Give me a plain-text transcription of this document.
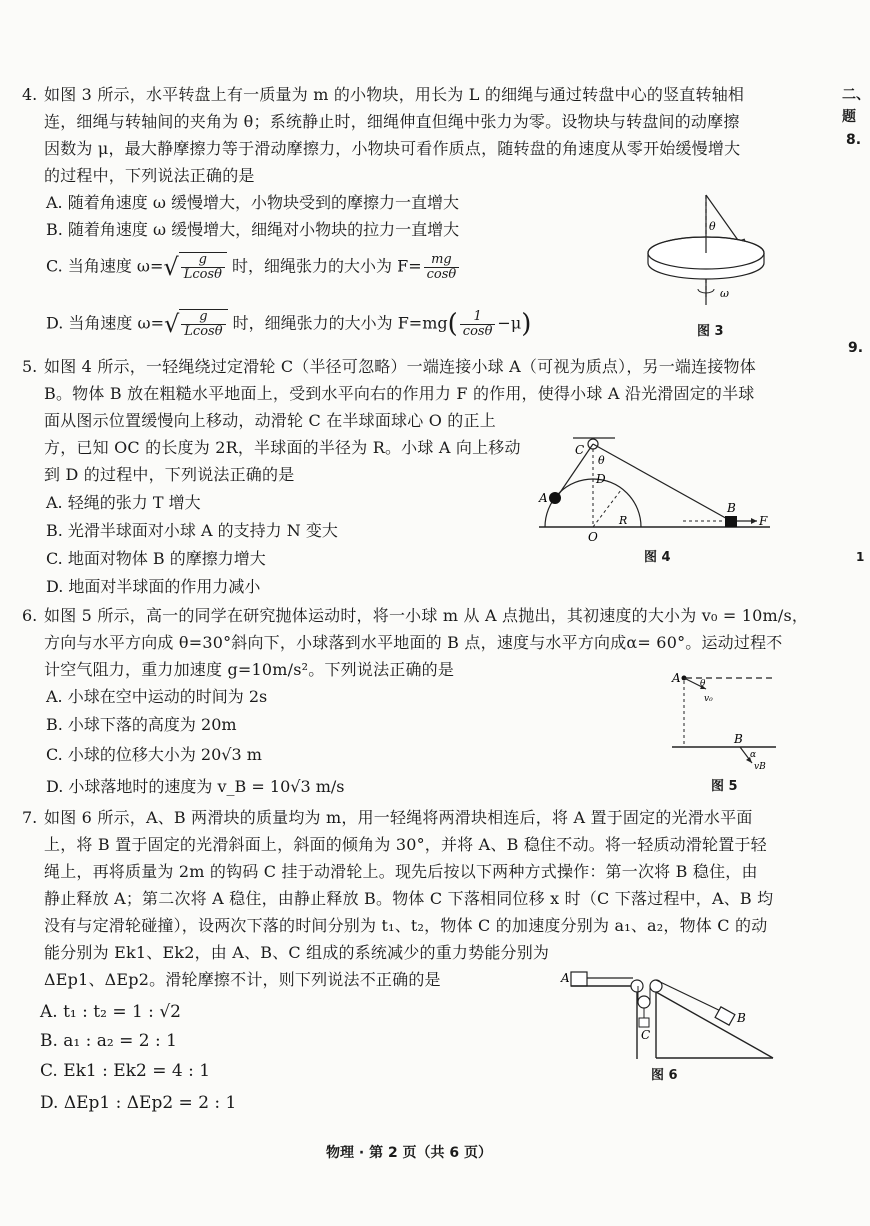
4. 如图 3 所示，水平转盘上有一质量为 m 的小物块，用长为 L 的细绳与通过转盘中心的竖直转轴相
连，细绳与转轴间的夹角为 θ；系统静止时，细绳伸直但绳中张力为零。设物块与转盘间的动摩擦
因数为 μ，最大静摩擦力等于滑动摩擦力，小物块可看作质点，随转盘的角速度从零开始缓慢增大
的过程中，下列说法正确的是
A. 随着角速度 ω 缓慢增大，小物块受到的摩擦力一直增大
B. 随着角速度 ω 缓慢增大，细绳对小物块的拉力一直增大
C. 当角速度 $\omega=√ \frac{g}{Lcos\theta}$ 时，细绳张力的大小为 $F= \frac{mg}{\cos\theta}$
D. 当角速度 $\omega=√ \frac{g}{Lcos\theta}$ 时，细绳张力的大小为 $F=mg( \frac{1}{\cos\theta} -\mu)$
θ
ω
图 3
5. 如图 4 所示，一轻绳绕过定滑轮 C（半径可忽略）一端连接小球 A（可视为质点），另一端连接物体
B。物体 B 放在粗糙水平地面上，受到水平向右的作用力 F 的作用，使得小球 A 沿光滑固定的半球
面从图示位置缓慢向上移动，动滑轮 C 在半球面球心 O 的正上
方，已知 OC 的长度为 2R，半球面的半径为 R。小球 A 向上移动
到 D 的过程中，下列说法正确的是
A. 轻绳的张力 T 增大
B. 光滑半球面对小球 A 的支持力 N 变大
C. 地面对物体 B 的摩擦力增大
D. 地面对半球面的作用力减小
C
θ
D
A
R
O
B
F
图 4
6. 如图 5 所示，高一的同学在研究抛体运动时，将一小球 m 从 A 点抛出，其初速度的大小为 v₀ = 10m/s，
方向与水平方向成 θ=30°斜向下，小球落到水平地面的 B 点，速度与水平方向成α= 60°。运动过程不
计空气阻力，重力加速度 g=10m/s²。下列说法正确的是
A. 小球在空中运动的时间为 2s
B. 小球下落的高度为 20m
C. 小球的位移大小为 20√3 m
D. 小球落地时的速度为 v_B = 10√3 m/s
A θ
v₀
B
α
vB
图 5
7. 如图 6 所示，A、B 两滑块的质量均为 m，用一轻绳将两滑块相连后，将 A 置于固定的光滑水平面
上，将 B 置于固定的光滑斜面上，斜面的倾角为 30°，并将 A、B 稳住不动。将一轻质动滑轮置于轻
绳上，再将质量为 2m 的钩码 C 挂于动滑轮上。现先后按以下两种方式操作：第一次将 B 稳住，由
静止释放 A；第二次将 A 稳住，由静止释放 B。物体 C 下落相同位移 x 时（C 下落过程中，A、B 均
没有与定滑轮碰撞），设两次下落的时间分别为 t₁、t₂，物体 C 的加速度分别为 a₁、a₂，物体 C 的动
能分别为 Ek1、Ek2，由 A、B、C 组成的系统减少的重力势能分别为
ΔEp1、ΔEp2。滑轮摩擦不计，则下列说法不正确的是
A. t₁ : t₂ = 1 : √2
B. a₁ : a₂ = 2 : 1
C. Ek1 : Ek2 = 4 : 1
D. ΔEp1 : ΔEp2 = 2 : 1
A
C
B
图 6
二、
题
8.
9.
1
物理 · 第 2 页（共 6 页）
